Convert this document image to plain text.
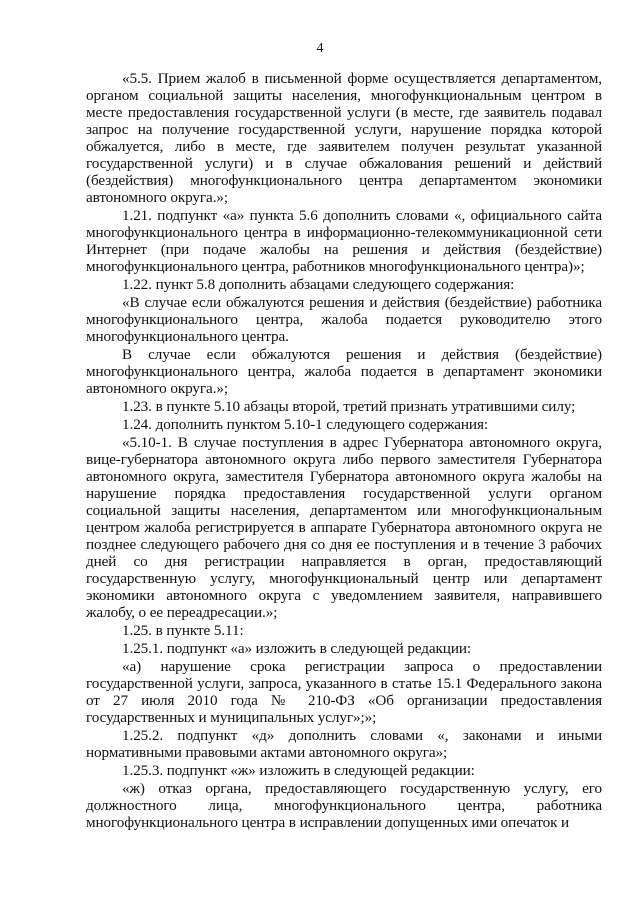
4

«5.5. Прием жалоб в письменной форме осуществляется департаментом, органом социальной защиты населения, многофункциональным центром в месте предоставления государственной услуги (в месте, где заявитель подавал запрос на получение государственной услуги, нарушение порядка которой обжалуется, либо в месте, где заявителем получен результат указанной государственной услуги) и в случае обжалования решений и действий (бездействия) многофункционального центра департаментом экономики автономного округа.»;

1.21. подпункт «а» пункта 5.6 дополнить словами «, официального сайта многофункционального центра в информационно-телекоммуникационной сети Интернет (при подаче жалобы на решения и действия (бездействие) многофункционального центра, работников многофункционального центра)»;

1.22. пункт 5.8 дополнить абзацами следующего содержания:

«В случае если обжалуются решения и действия (бездействие) работника многофункционального центра, жалоба подается руководителю этого многофункционального центра.

В случае если обжалуются решения и действия (бездействие) многофункционального центра, жалоба подается в департамент экономики автономного округа.»;

1.23. в пункте 5.10 абзацы второй, третий признать утратившими силу;

1.24. дополнить пунктом 5.10-1 следующего содержания:

«5.10-1. В случае поступления в адрес Губернатора автономного округа, вице-губернатора автономного округа либо первого заместителя Губернатора автономного округа, заместителя Губернатора автономного округа жалобы на нарушение порядка предоставления государственной услуги органом социальной защиты населения, департаментом или многофункциональным центром жалоба регистрируется в аппарате Губернатора автономного округа не позднее следующего рабочего дня со дня ее поступления и в течение 3 рабочих дней со дня регистрации направляется в орган, предоставляющий государственную услугу, многофункциональный центр или департамент экономики автономного округа с уведомлением заявителя, направившего жалобу, о ее переадресации.»;

1.25. в пункте 5.11:

1.25.1. подпункт «а» изложить в следующей редакции:

«а) нарушение срока регистрации запроса о предоставлении государственной услуги, запроса, указанного в статье 15.1 Федерального закона от 27 июля 2010 года № 210-ФЗ «Об организации предоставления государственных и муниципальных услуг»;»;

1.25.2. подпункт «д» дополнить словами «, законами и иными нормативными правовыми актами автономного округа»;

1.25.3. подпункт «ж» изложить в следующей редакции:

«ж) отказ органа, предоставляющего государственную услугу, его должностного лица, многофункционального центра, работника многофункционального центра в исправлении допущенных ими опечаток и
